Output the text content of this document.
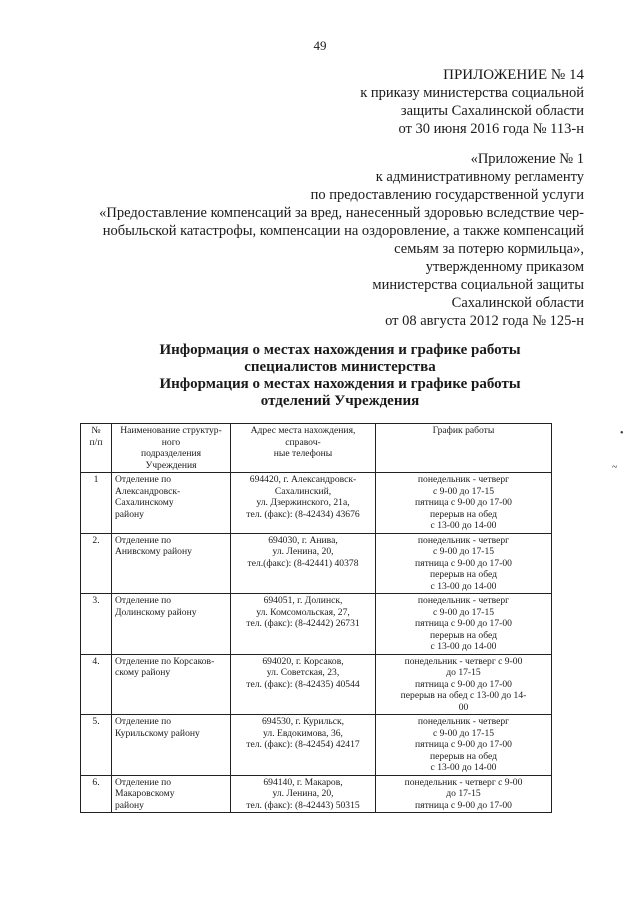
49
ПРИЛОЖЕНИЕ № 14
к приказу министерства социальной
защиты Сахалинской области
от 30 июня 2016 года № 113-н
«Приложение № 1
к административному регламенту
по предоставлению государственной услуги
«Предоставление компенсаций за вред, нанесенный здоровью вследствие чер-
нобыльской катастрофы, компенсации на оздоровление, а также компенсаций
семьям за потерю кормильца»,
утвержденному приказом
министерства социальной защиты
Сахалинской области
от 08 августа 2012 года № 125-н
Информация о местах нахождения и графике работы
специалистов министерства
Информация о местах нахождения и графике работы
отделений Учреждения
№
п/п	Наименование структур-
ного
подразделения
Учреждения	Адрес места нахождения, справоч-
ные телефоны	График работы

1	Отделение по
Александровск-
Сахалинскому
району	694420, г. Александровск-
Сахалинский,
ул. Дзержинского, 21а,
тел. (факс): (8-42434) 43676	понедельник - четверг
с 9-00 до 17-15
пятница с 9-00 до 17-00
перерыв на обед
с 13-00 до 14-00

2.	Отделение по
Анивскому району	694030, г. Анива,
ул. Ленина, 20,
тел.(факс): (8-42441) 40378	понедельник - четверг
с 9-00 до 17-15
пятница с 9-00 до 17-00
перерыв на обед
с 13-00 до 14-00

3.	Отделение по
Долинскому району	694051, г. Долинск,
ул. Комсомольская, 27,
тел. (факс): (8-42442) 26731	понедельник - четверг
с 9-00 до 17-15
пятница с 9-00 до 17-00
перерыв на обед
с 13-00 до 14-00

4.	Отделение по Корсаков-
скому району	694020, г. Корсаков,
ул. Советская, 23,
тел. (факс): (8-42435) 40544	понедельник - четверг с 9-00
до 17-15
пятница с 9-00 до 17-00
перерыв на обед с 13-00 до 14-
00

5.	Отделение по
Курильскому району	694530, г. Курильск,
ул. Евдокимова, 36,
тел. (факс): (8-42454) 42417	понедельник - четверг
с 9-00 до 17-15
пятница с 9-00 до 17-00
перерыв на обед
с 13-00 до 14-00

6.	Отделение по
Макаровскому
району	694140, г. Макаров,
ул. Ленина, 20,
тел. (факс): (8-42443) 50315	понедельник - четверг с 9-00
до 17-15
пятница с 9-00 до 17-00
•
~
